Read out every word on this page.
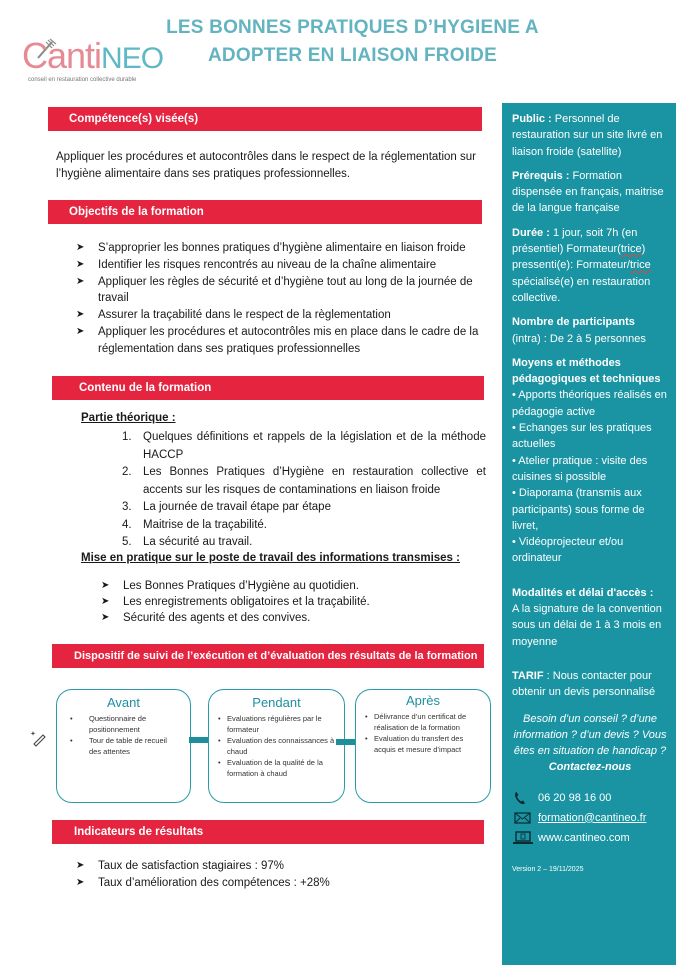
CantiNEO
conseil en restauration collective durable
LES BONNES PRATIQUES D’HYGIENE A
ADOPTER EN LIAISON FROIDE
Compétence(s) visée(s)
Appliquer les procédures et autocontrôles dans le respect de la réglementation sur l’hygiène alimentaire dans ses pratiques professionnelles.
Objectifs de la formation
➤ S’approprier les bonnes pratiques d’hygiène alimentaire en liaison froide
➤ Identifier les risques rencontrés au niveau de la chaîne alimentaire
➤ Appliquer les règles de sécurité et d’hygiène tout au long de la journée de travail
➤ Assurer la traçabilité dans le respect de la règlementation
➤ Appliquer les procédures et autocontrôles mis en place dans le cadre de la réglementation dans ses pratiques professionnelles
Contenu de la formation
Partie théorique :
1. Quelques définitions et rappels de la législation et de la méthode HACCP
2. Les Bonnes Pratiques d’Hygiène en restauration collective et accents sur les risques de contaminations en liaison froide
3. La journée de travail étape par étape
4. Maitrise de la traçabilité.
5. La sécurité au travail.
Mise en pratique sur le poste de travail des informations transmises :
➤ Les Bonnes Pratiques d’Hygiène au quotidien.
➤ Les enregistrements obligatoires et la traçabilité.
➤ Sécurité des agents et des convives.
Dispositif de suivi de l’exécution et d’évaluation des résultats de la formation
Avant
•	Questionnaire de positionnement
•	Tour de table de recueil des attentes
Pendant
• Evaluations régulières par le formateur
• Evaluation des connaissances à chaud
• Evaluation de la qualité de la formation à chaud
Après
• Délivrance d’un certificat de réalisation de la formation
• Evaluation du transfert des acquis et mesure d’impact
Indicateurs de résultats
➤ Taux de satisfaction stagiaires : 97%
➤ Taux d’amélioration des compétences : +28%

Public : Personnel de restauration sur un site livré en liaison froide (satellite)

Prérequis : Formation dispensée en français, maitrise de la langue française

Durée : 1 jour, soit 7h (en présentiel) Formateur(trice) pressenti(e): Formateur/trice spécialisé(e) en restauration collective.

Nombre de participants
(intra) : De 2 à 5 personnes

Moyens et méthodes pédagogiques et techniques
• Apports théoriques réalisés en pédagogie active
• Echanges sur les pratiques actuelles
• Atelier pratique : visite des cuisines si possible
• Diaporama (transmis aux participants) sous forme de livret,
• Vidéoprojecteur et/ou ordinateur

Modalités et délai d'accès :
A la signature de la convention sous un délai de 1 à 3 mois en moyenne

TARIF : Nous contacter pour obtenir un devis personnalisé

Besoin d’un conseil ? d’une information ? d’un devis ? Vous êtes en situation de handicap ?
Contactez-nous
06 20 98 16 00
formation@cantineo.fr
www.cantineo.com
Version 2 – 19/11/2025
